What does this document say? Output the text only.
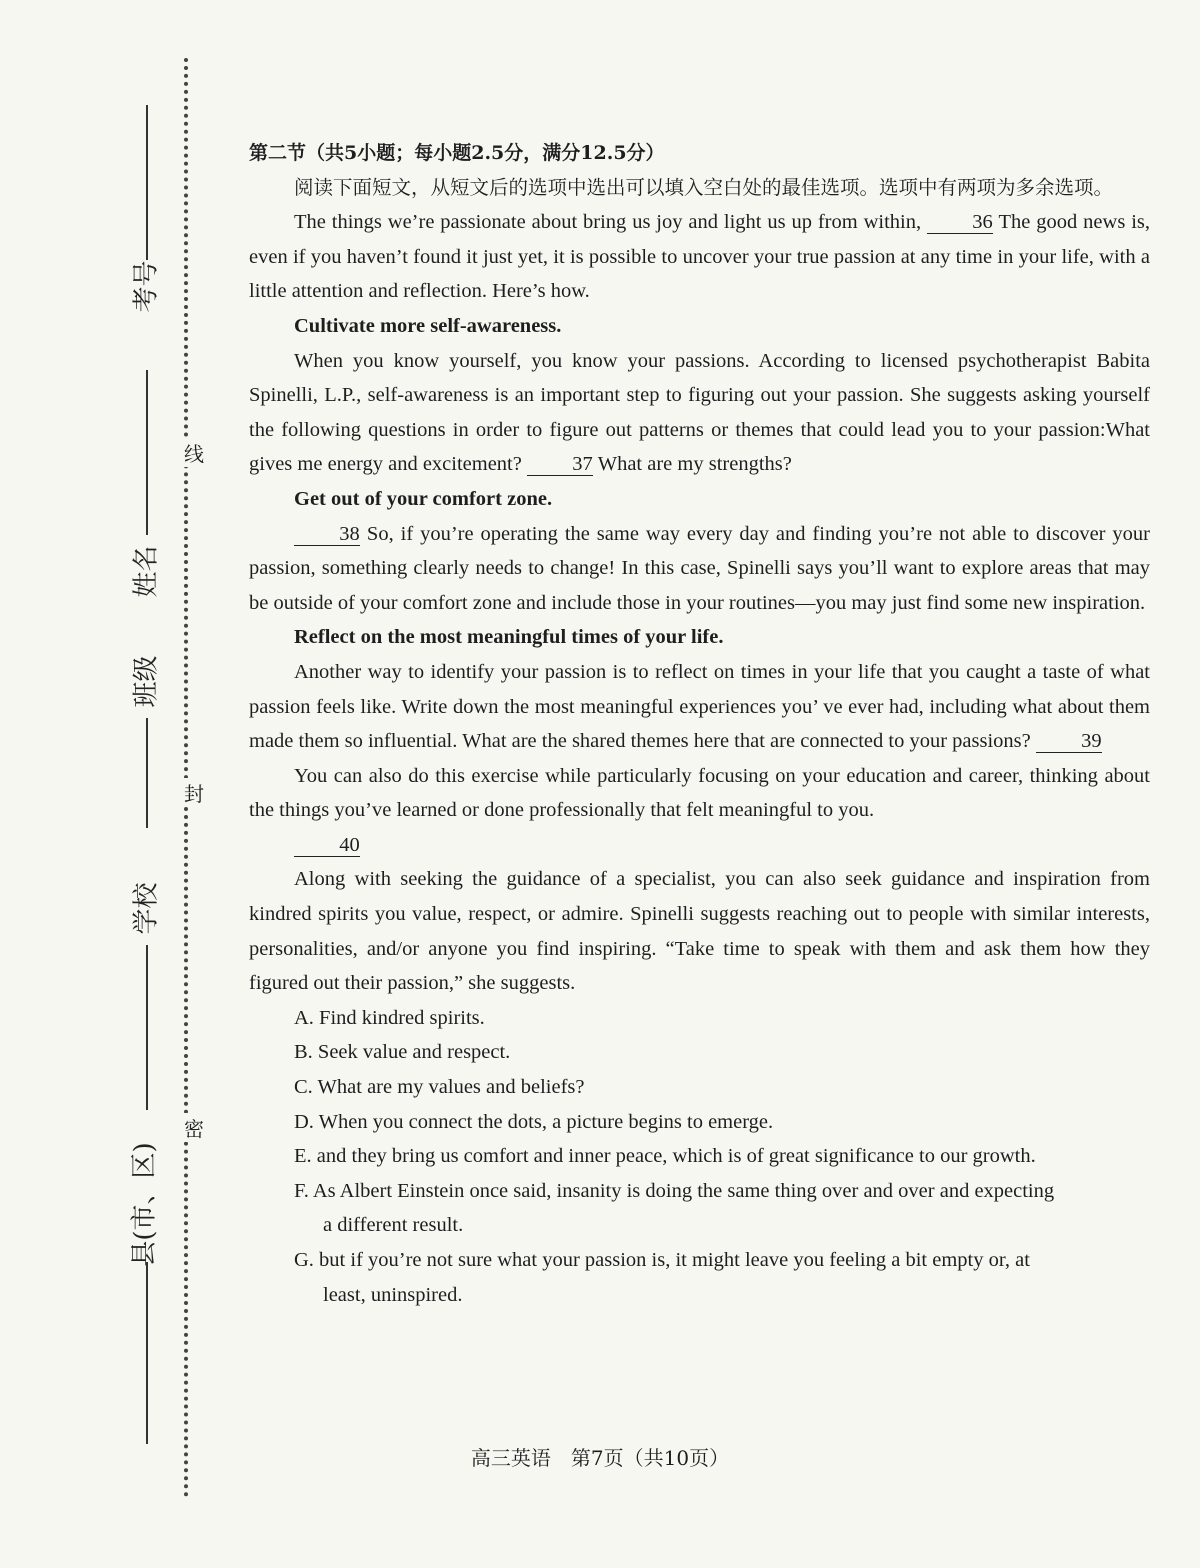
考号
姓名
班级
学校
县(市、区)
线
封
密

第二节（共5小题；每小题2.5分，满分12.5分）

阅读下面短文，从短文后的选项中选出可以填入空白处的最佳选项。选项中有两项为多余选项。

The things we’re passionate about bring us joy and light us up from within, 36 The good news is, even if you haven’t found it just yet, it is possible to uncover your true passion at any time in your life, with a little attention and reflection. Here’s how.

Cultivate more self-awareness.

When you know yourself, you know your passions. According to licensed psychotherapist Babita Spinelli, L.P., self-awareness is an important step to figuring out your passion. She suggests asking yourself the following questions in order to figure out patterns or themes that could lead you to your passion:What gives me energy and excitement? 37 What are my strengths?

Get out of your comfort zone.

38 So, if you’re operating the same way every day and finding you’re not able to discover your passion, something clearly needs to change! In this case, Spinelli says you’ll want to explore areas that may be outside of your comfort zone and include those in your routines—you may just find some new inspiration.

Reflect on the most meaningful times of your life.

Another way to identify your passion is to reflect on times in your life that you caught a taste of what passion feels like. Write down the most meaningful experiences you’ ve ever had, including what about them made them so influential. What are the shared themes here that are connected to your passions? 39

You can also do this exercise while particularly focusing on your education and career, thinking about the things you’ve learned or done professionally that felt meaningful to you.

40

Along with seeking the guidance of a specialist, you can also seek guidance and inspiration from kindred spirits you value, respect, or admire. Spinelli suggests reaching out to people with similar interests, personalities, and/or anyone you find inspiring. “Take time to speak with them and ask them how they figured out their passion,” she suggests.

A. Find kindred spirits.

B. Seek value and respect.

C. What are my values and beliefs?

D. When you connect the dots, a picture begins to emerge.

E. and they bring us comfort and inner peace, which is of great significance to our growth.

F. As Albert Einstein once said, insanity is doing the same thing over and over and expecting

a different result.

G. but if you’re not sure what your passion is, it might leave you feeling a bit empty or, at

least, uninspired.

高三英语　第7页（共10页）
